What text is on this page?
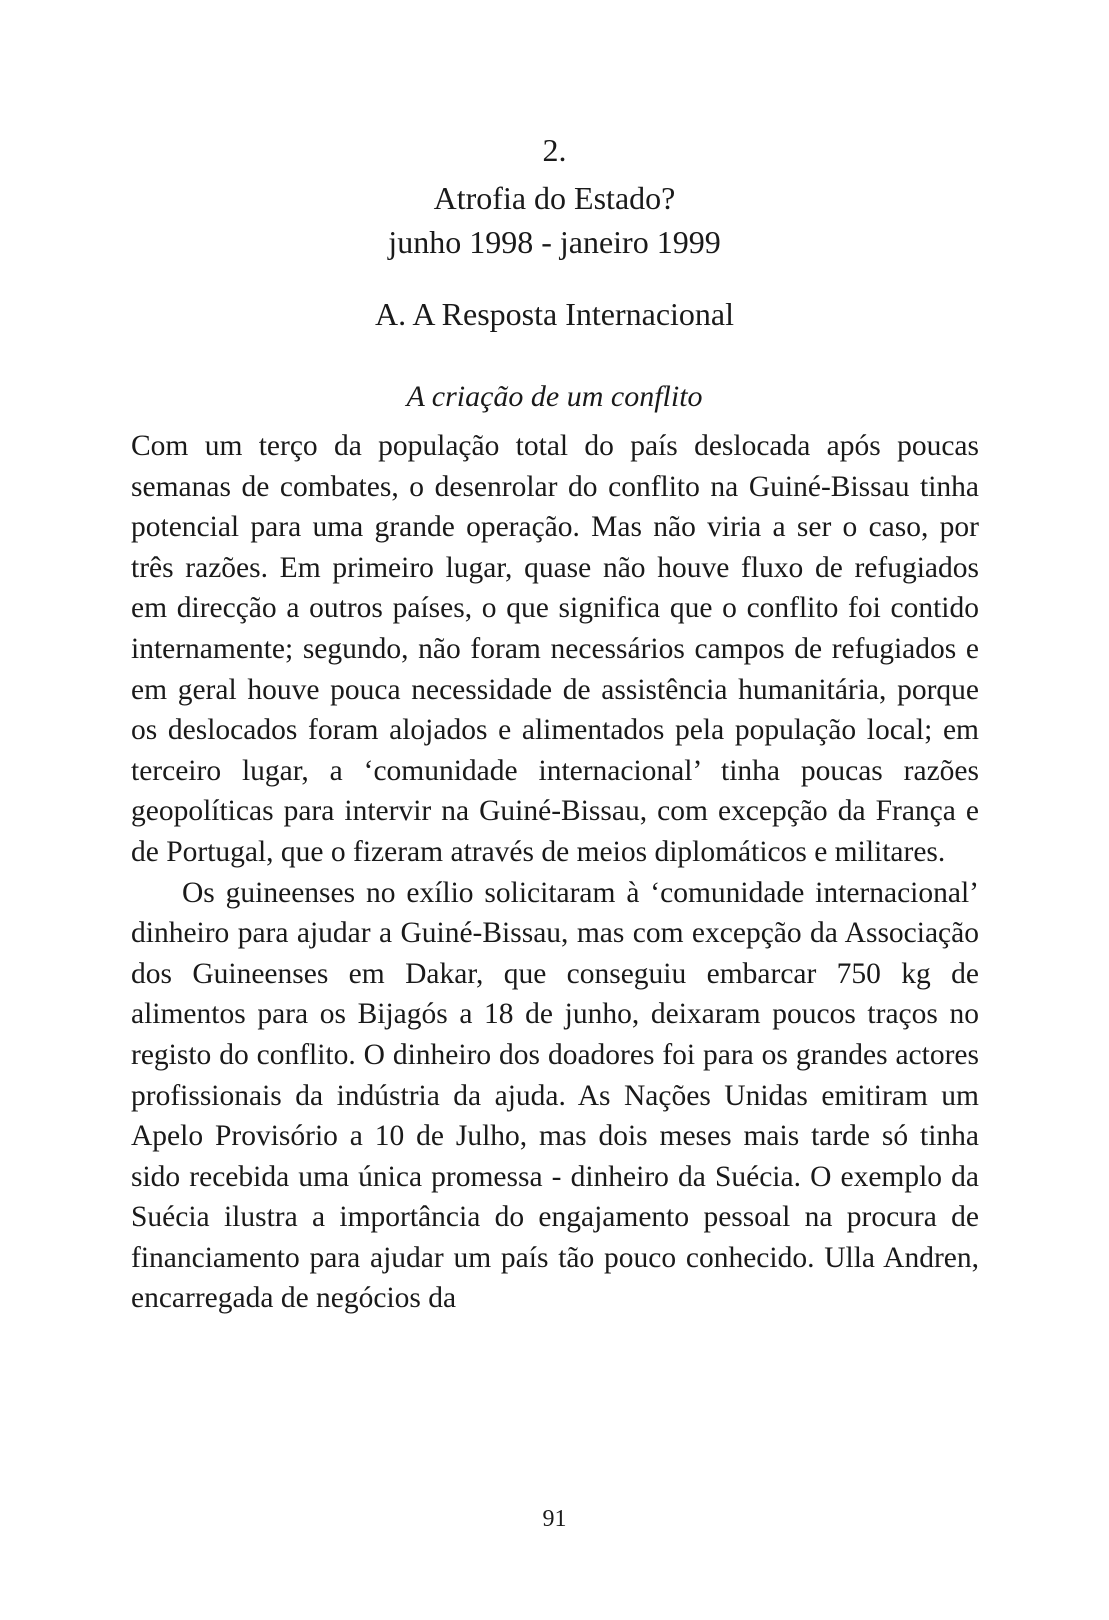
2.
Atrofia do Estado?
junho 1998 - janeiro 1999
A. A Resposta Internacional
A criação de um conflito

Com um terço da população total do país deslocada após poucas semanas de combates, o desenrolar do conflito na Guiné-Bissau tinha potencial para uma grande operação. Mas não viria a ser o caso, por três razões. Em primeiro lugar, quase não houve fluxo de refugiados em direcção a outros países, o que significa que o conflito foi contido internamente; segundo, não foram necessários campos de refugiados e em geral houve pouca necessidade de assistência humanitária, porque os deslocados foram alojados e alimentados pela população local; em terceiro lugar, a ‘comunidade internacional’ tinha poucas razões geopolíticas para intervir na Guiné-Bissau, com excepção da França e de Portugal, que o fizeram através de meios diplomáticos e militares.

Os guineenses no exílio solicitaram à ‘comunidade internacional’ dinheiro para ajudar a Guiné-Bissau, mas com excepção da Associação dos Guineenses em Dakar, que conseguiu embarcar 750 kg de alimentos para os Bijagós a 18 de junho, deixaram poucos traços no registo do conflito. O dinheiro dos doadores foi para os grandes actores profissionais da indústria da ajuda. As Nações Unidas emitiram um Apelo Provisório a 10 de Julho, mas dois meses mais tarde só tinha sido recebida uma única promessa - dinheiro da Suécia. O exemplo da Suécia ilustra a importância do engajamento pessoal na procura de financiamento para ajudar um país tão pouco conhecido. Ulla Andren, encarregada de negócios da

91
